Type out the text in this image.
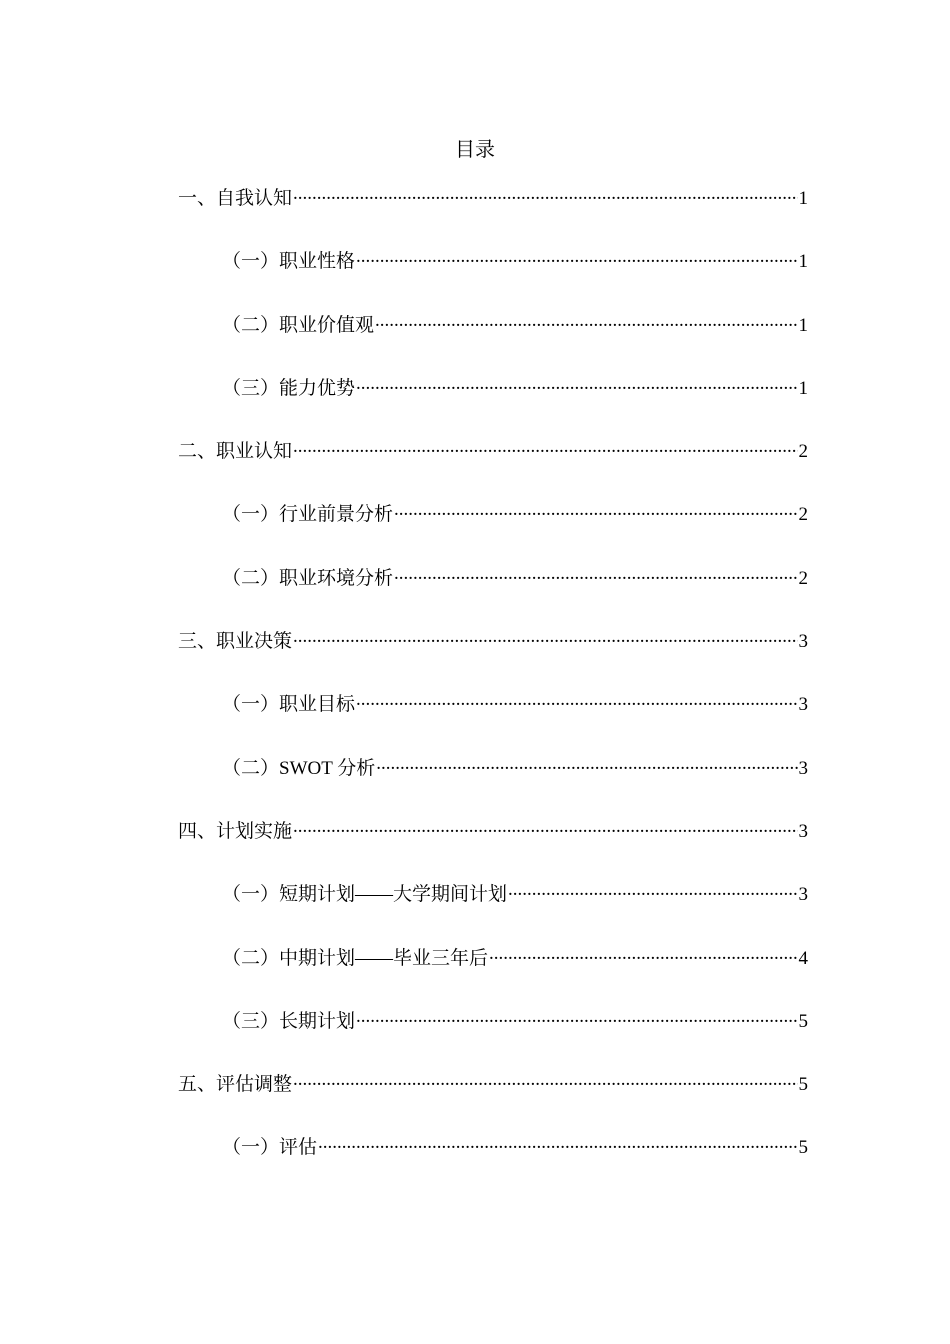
目录
一、自我认知 .....	1
（一）职业性格 .....	1
（二）职业价值观 .....	1
（三）能力优势 .....	1
二、职业认知 .....	2
（一）行业前景分析 .....	2
（二）职业环境分析 .....	2
三、职业决策 .....	3
（一）职业目标 .....	3
（二）SWOT 分析 .....	3
四、计划实施 .....	3
（一）短期计划——大学期间计划 .....	3
（二）中期计划——毕业三年后 .....	4
（三）长期计划 .....	5
五、评估调整 .....	5
（一）评估 .....	5
